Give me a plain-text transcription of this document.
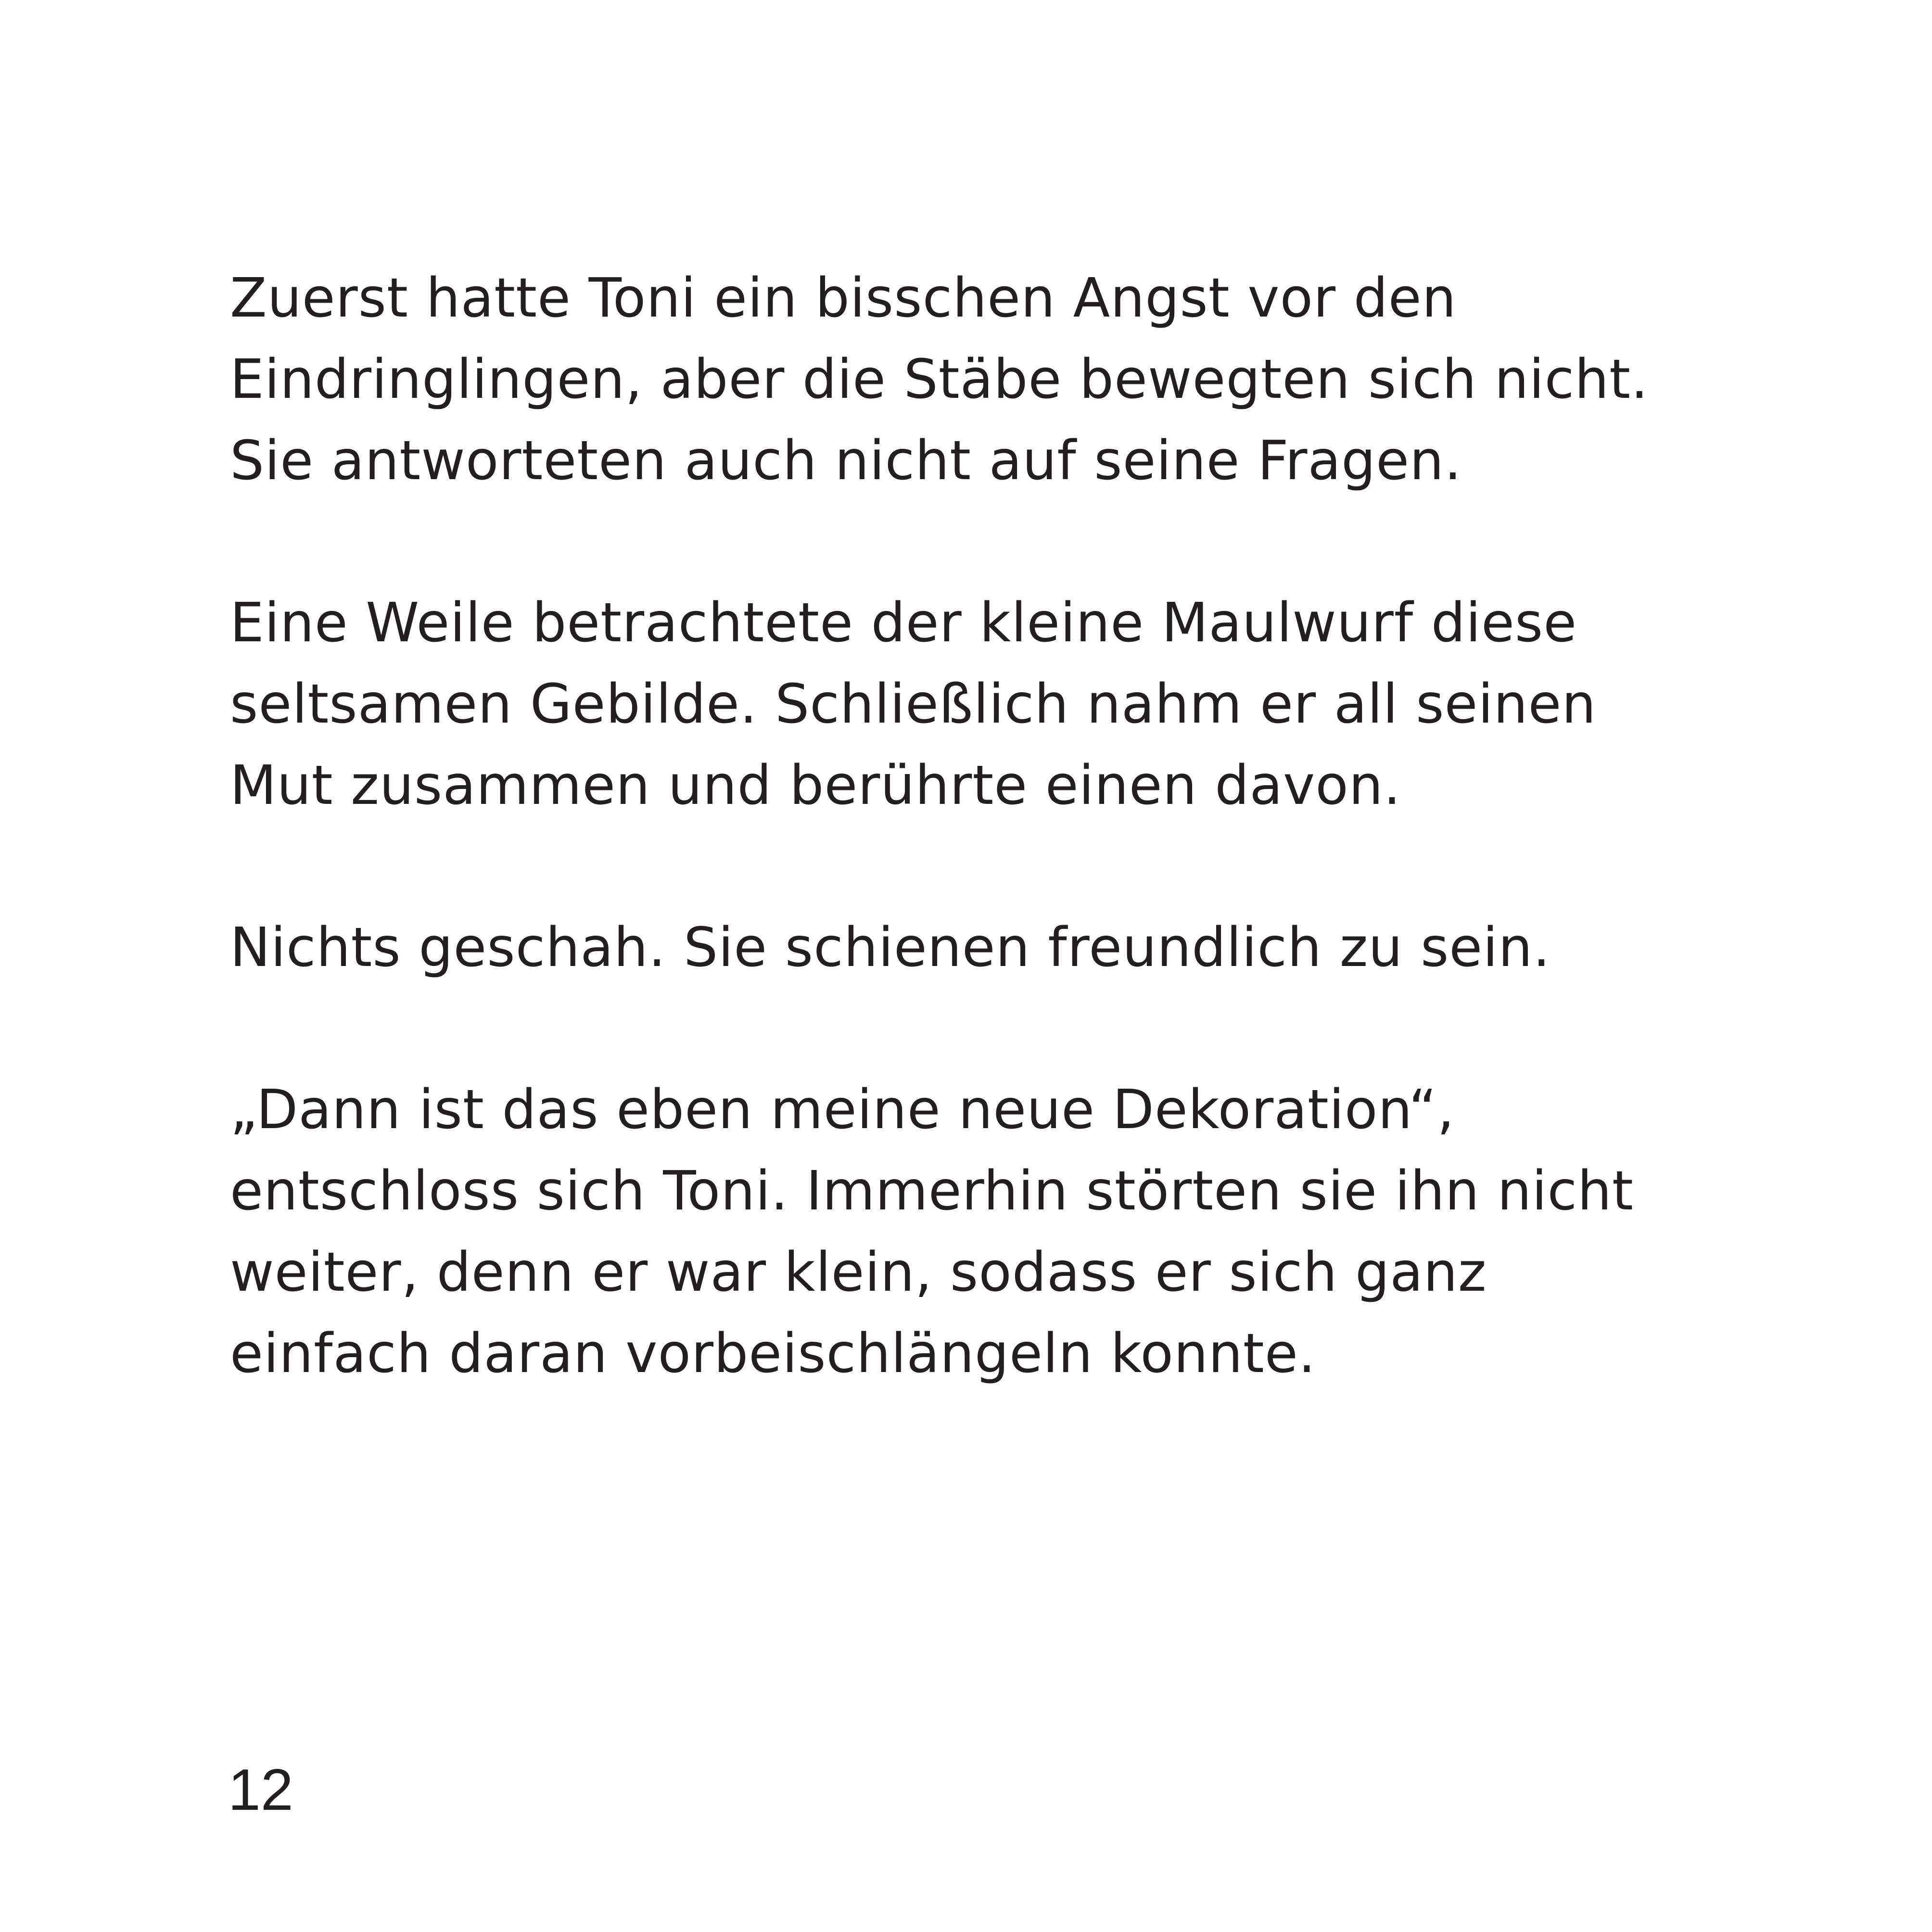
Zuerst hatte Toni ein bisschen Angst vor den
Eindringlingen, aber die Stäbe bewegten sich nicht.
Sie antworteten auch nicht auf seine Fragen.

Eine Weile betrachtete der kleine Maulwurf diese
seltsamen Gebilde. Schließlich nahm er all seinen
Mut zusammen und berührte einen davon.

Nichts geschah. Sie schienen freundlich zu sein.

„Dann ist das eben meine neue Dekoration“,
entschloss sich Toni. Immerhin störten sie ihn nicht
weiter, denn er war klein, sodass er sich ganz
einfach daran vorbeischlängeln konnte.

12
